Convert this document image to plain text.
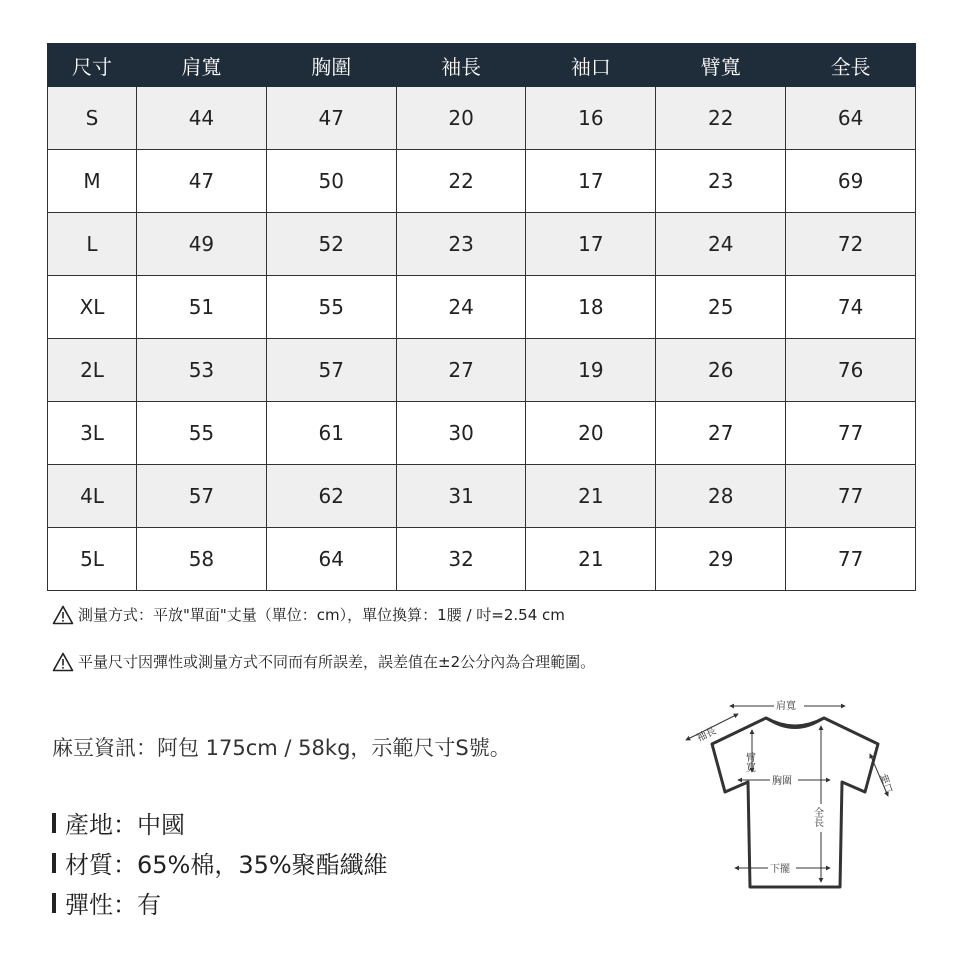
尺寸	肩寬	胸圍	袖長	袖口	臂寬	全長
S	44	47	20	16	22	64
M	47	50	22	17	23	69
L	49	52	23	17	24	72
XL	51	55	24	18	25	74
2L	53	57	27	19	26	76
3L	55	61	30	20	27	77
4L	57	62	31	21	28	77
5L	58	64	32	21	29	77
測量方式：平放"單面"丈量（單位：cm），單位換算：1腰 / 吋=2.54 cm
平量尺寸因彈性或測量方式不同而有所誤差，誤差值在±2公分內為合理範圍。
麻豆資訊：阿包 175cm / 58kg，示範尺寸S號。
產地：中國
材質：65%棉，35%聚酯纖維
彈性：有
肩寬
袖長
臂寬
胸圍
全長
袖口
下擺
